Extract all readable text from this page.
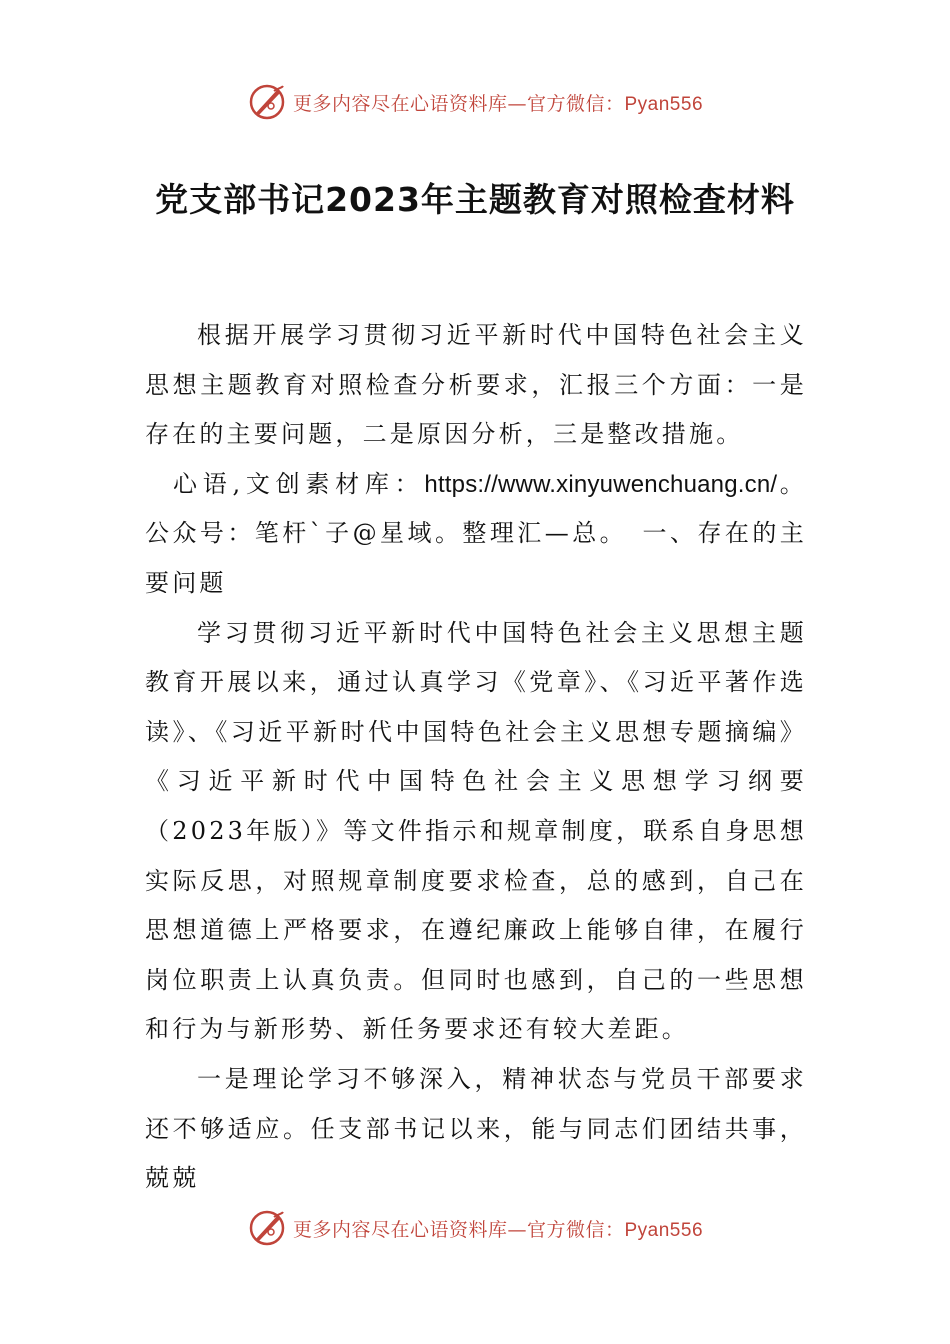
更多内容尽在心语资料库—官方微信：Pyan556
党支部书记2023年主题教育对照检查材料

根据开展学习贯彻习近平新时代中国特色社会主义思想主题教育对照检查分析要求，汇报三个方面：一是存在的主要问题，二是原因分析，三是整改措施。

心语,文创素材库：https://www.xinyuwenchuang.cn/。公众号：笔杆`子@星域。整理汇—总。　一、存在的主要问题

学习贯彻习近平新时代中国特色社会主义思想主题教育开展以来，通过认真学习《党章》、《习近平著作选读》、《习近平新时代中国特色社会主义思想专题摘编》《习近平新时代中国特色社会主义思想学习纲要（2023年版）》等文件指示和规章制度，联系自身思想实际反思，对照规章制度要求检查，总的感到，自己在思想道德上严格要求，在遵纪廉政上能够自律，在履行岗位职责上认真负责。但同时也感到，自己的一些思想和行为与新形势、新任务要求还有较大差距。

一是理论学习不够深入，精神状态与党员干部要求还不够适应。任支部书记以来，能与同志们团结共事，兢兢

更多内容尽在心语资料库—官方微信：Pyan556
